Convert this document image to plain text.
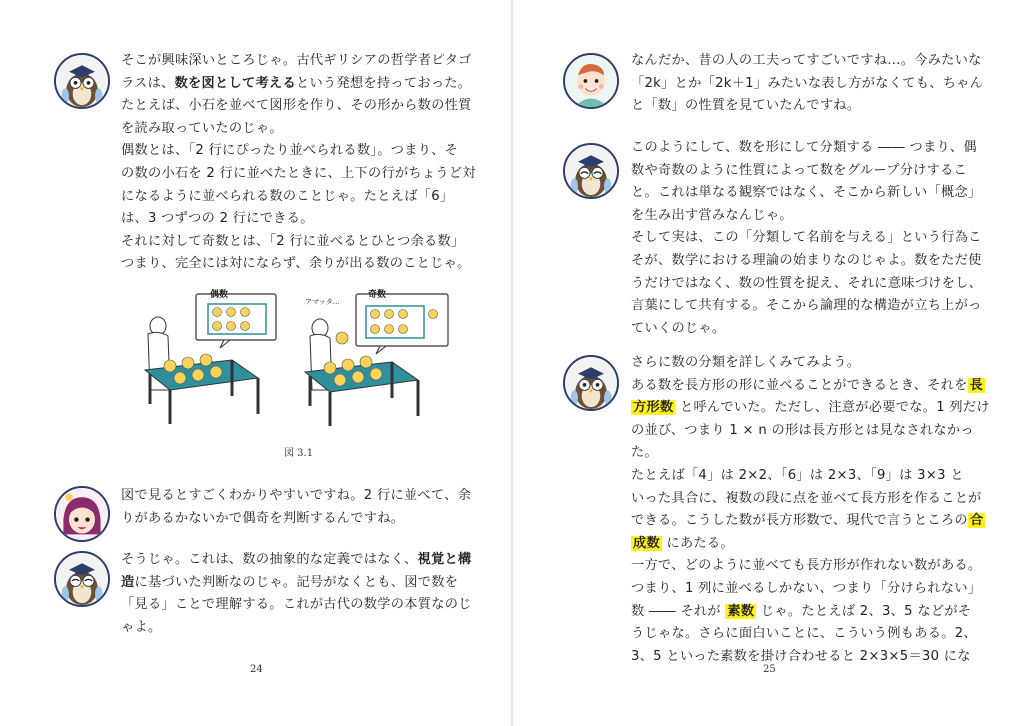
そこが興味深いところじゃ。古代ギリシアの哲学者ピタゴ
ラスは、数を図として考えるという発想を持っておった。
たとえば、小石を並べて図形を作り、その形から数の性質
を読み取っていたのじゃ。
偶数とは、「2 行にぴったり並べられる数」。つまり、そ
の数の小石を 2 行に並べたときに、上下の行がちょうど対
になるように並べられる数のことじゃ。たとえば「6」
は、3 つずつの 2 行にできる。
それに対して奇数とは、「2 行に並べるとひとつ余る数」
つまり、完全には対にならず、余りが出る数のことじゃ。
偶数
アマッタ…
奇数
図 3.1
図で見るとすごくわかりやすいですね。2 行に並べて、余
りがあるかないかで偶奇を判断するんですね。
そうじゃ。これは、数の抽象的な定義ではなく、視覚と構
造に基づいた判断なのじゃ。記号がなくとも、図で数を
「見る」ことで理解する。これが古代の数学の本質なのじ
ゃよ。
24
なんだか、昔の人の工夫ってすごいですね…。今みたいな
「2k」とか「2k＋1」みたいな表し方がなくても、ちゃん
と「数」の性質を見ていたんですね。
このようにして、数を形にして分類する ―― つまり、偶
数や奇数のように性質によって数をグループ分けするこ
と。これは単なる観察ではなく、そこから新しい「概念」
を生み出す営みなんじゃ。
そして実は、この「分類して名前を与える」という行為こ
そが、数学における理論の始まりなのじゃよ。数をただ使
うだけではなく、数の性質を捉え、それに意味づけをし、
言葉にして共有する。そこから論理的な構造が立ち上がっ
ていくのじゃ。
さらに数の分類を詳しくみてみよう。
ある数を長方形の形に並べることができるとき、それを 長
方形数 と呼んでいた。ただし、注意が必要でな。1 列だけ
の並び、つまり 1 × n の形は長方形とは見なされなかっ
た。
たとえば「4」は 2×2、「6」は 2×3、「9」は 3×3 と
いった具合に、複数の段に点を並べて長方形を作ることが
できる。こうした数が長方形数で、現代で言うところの 合
成数 にあたる。
一方で、どのように並べても長方形が作れない数がある。
つまり、1 列に並べるしかない、つまり「分けられない」
数 ―― それが 素数 じゃ。たとえば 2、3、5 などがそ
うじゃな。さらに面白いことに、こういう例もある。2、
3、5 といった素数を掛け合わせると 2×3×5＝30 にな
25
